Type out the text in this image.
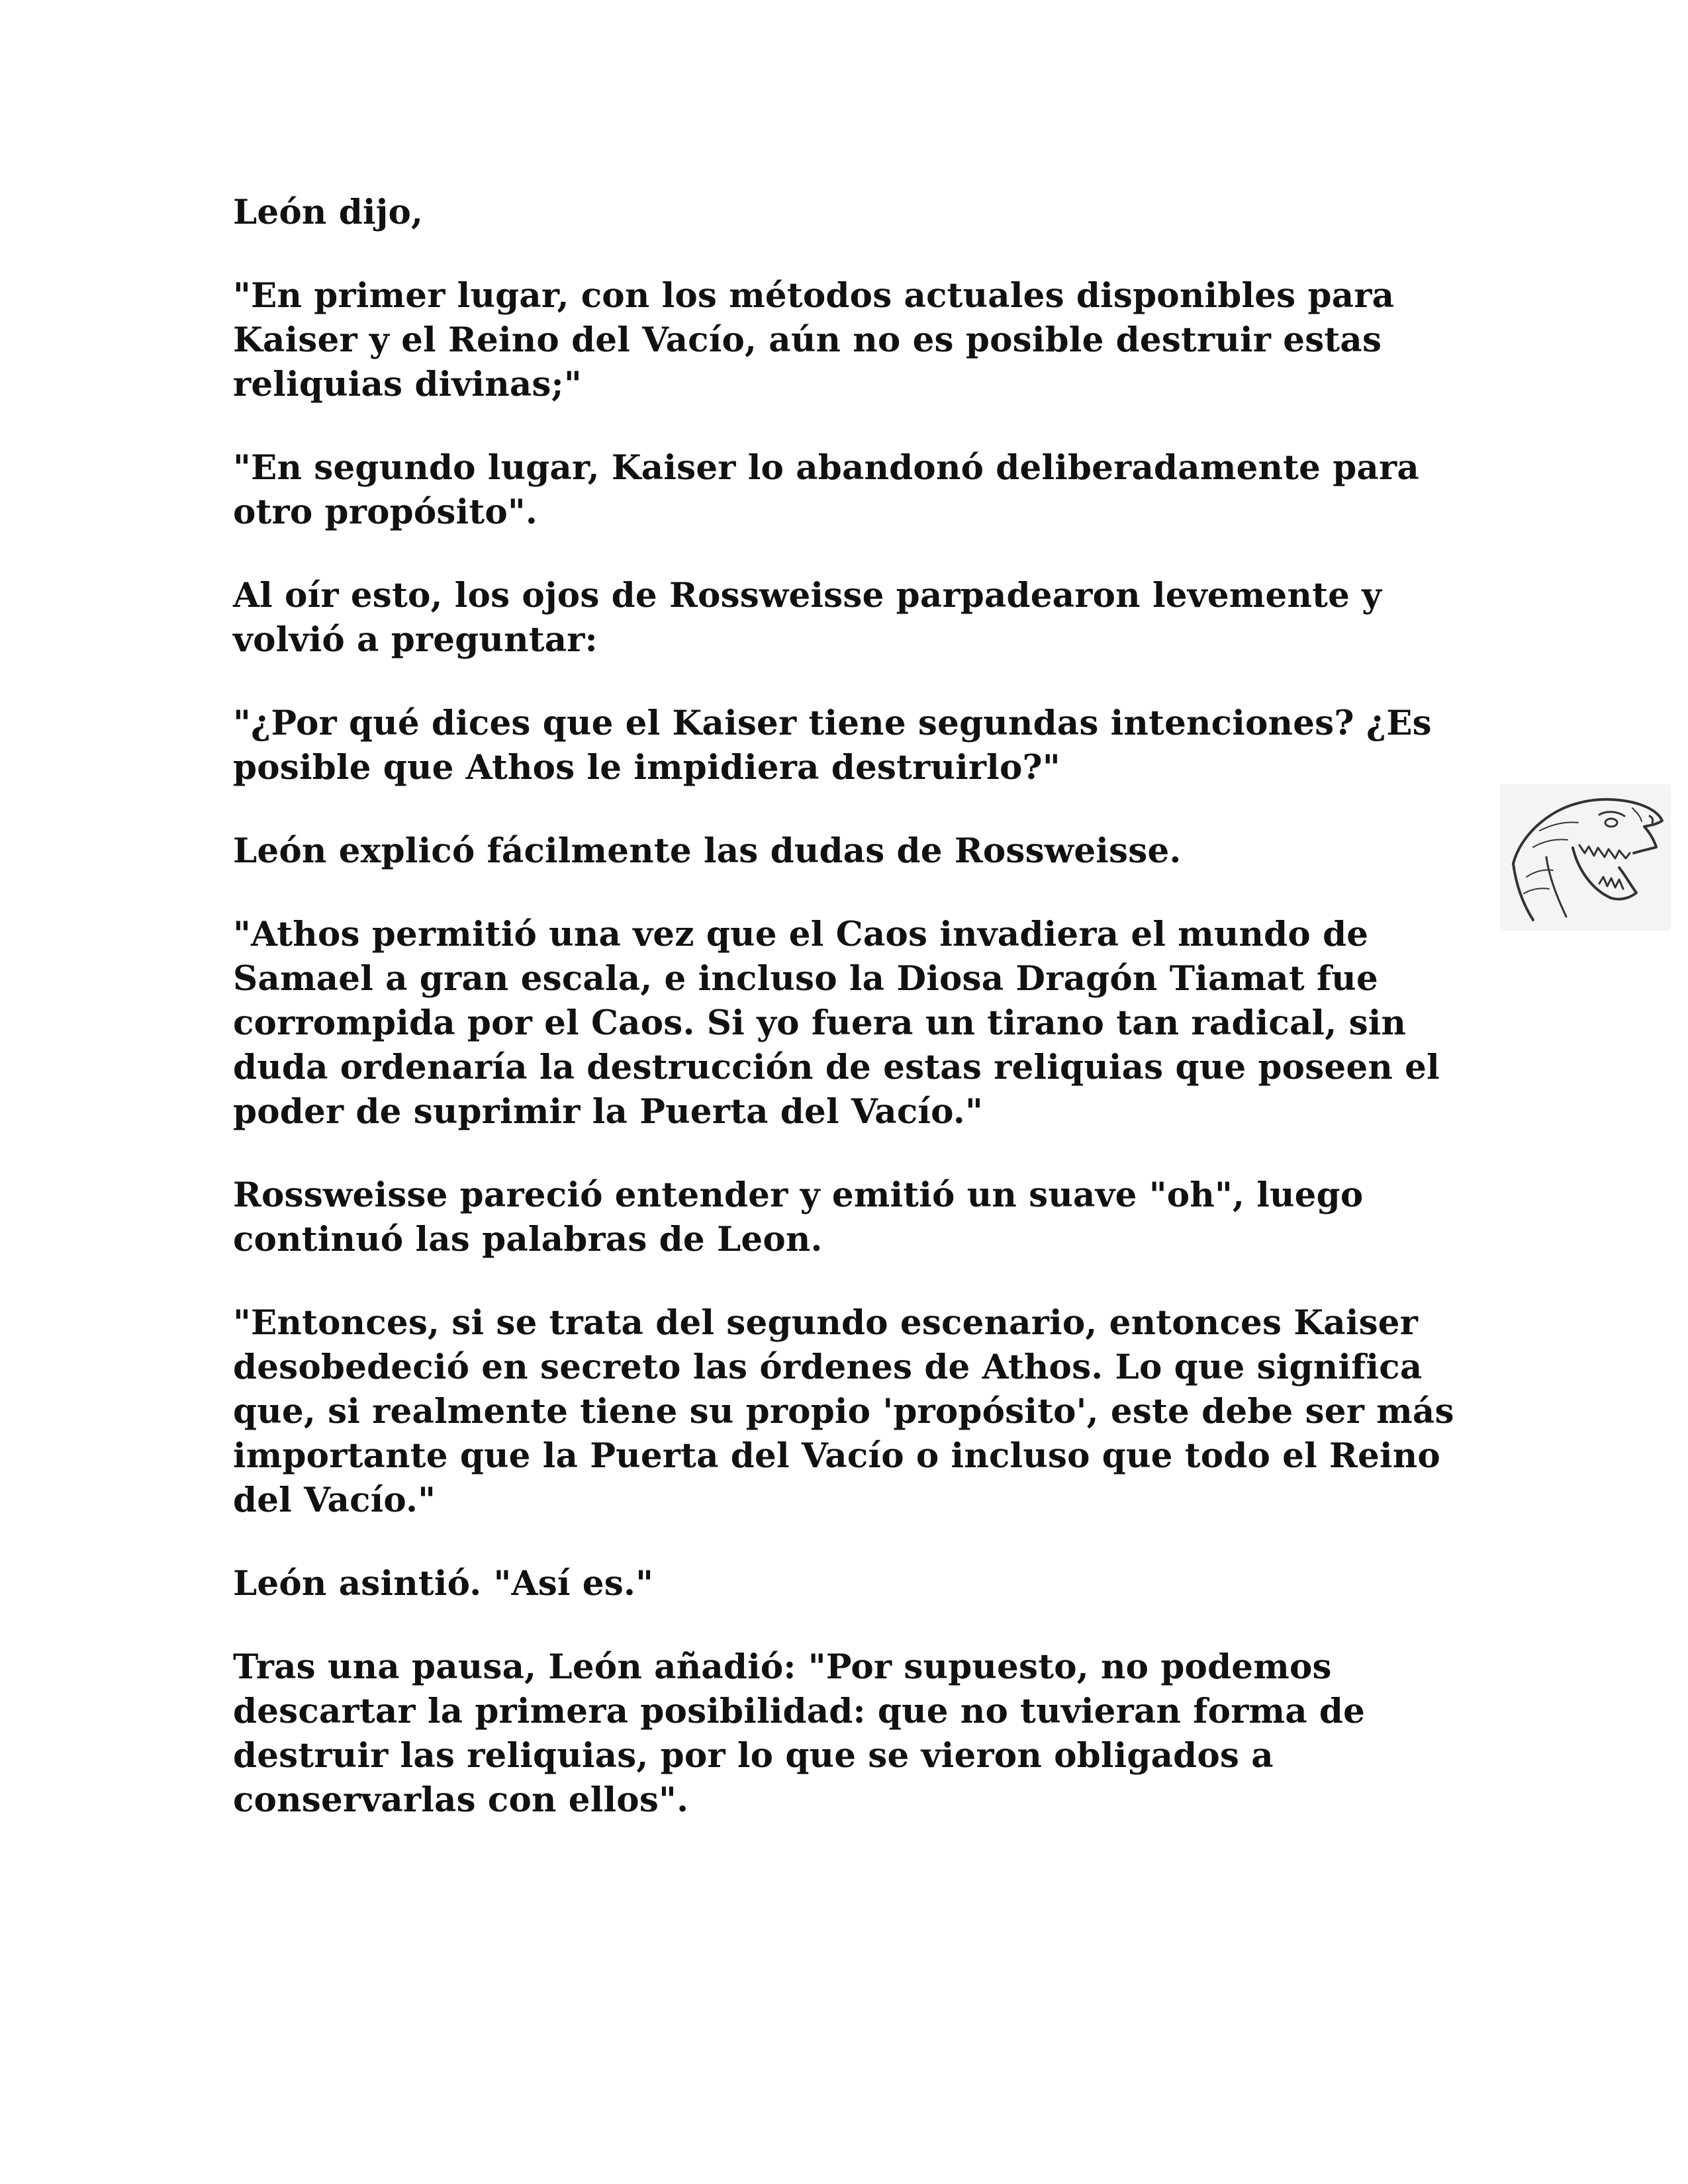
León dijo,

"En primer lugar, con los métodos actuales disponibles para Kaiser y el Reino del Vacío, aún no es posible destruir estas reliquias divinas;"

"En segundo lugar, Kaiser lo abandonó deliberadamente para otro propósito".

Al oír esto, los ojos de Rossweisse parpadearon levemente y volvió a preguntar:

"¿Por qué dices que el Kaiser tiene segundas intenciones? ¿Es posible que Athos le impidiera destruirlo?"

León explicó fácilmente las dudas de Rossweisse.

"Athos permitió una vez que el Caos invadiera el mundo de Samael a gran escala, e incluso la Diosa Dragón Tiamat fue corrompida por el Caos. Si yo fuera un tirano tan radical, sin duda ordenaría la destrucción de estas reliquias que poseen el poder de suprimir la Puerta del Vacío."

Rossweisse pareció entender y emitió un suave "oh", luego continuó las palabras de Leon.

"Entonces, si se trata del segundo escenario, entonces Kaiser desobedeció en secreto las órdenes de Athos. Lo que significa que, si realmente tiene su propio 'propósito', este debe ser más importante que la Puerta del Vacío o incluso que todo el Reino del Vacío."

León asintió. "Así es."

Tras una pausa, León añadió: "Por supuesto, no podemos descartar la primera posibilidad: que no tuvieran forma de destruir las reliquias, por lo que se vieron obligados a conservarlas con ellos".
